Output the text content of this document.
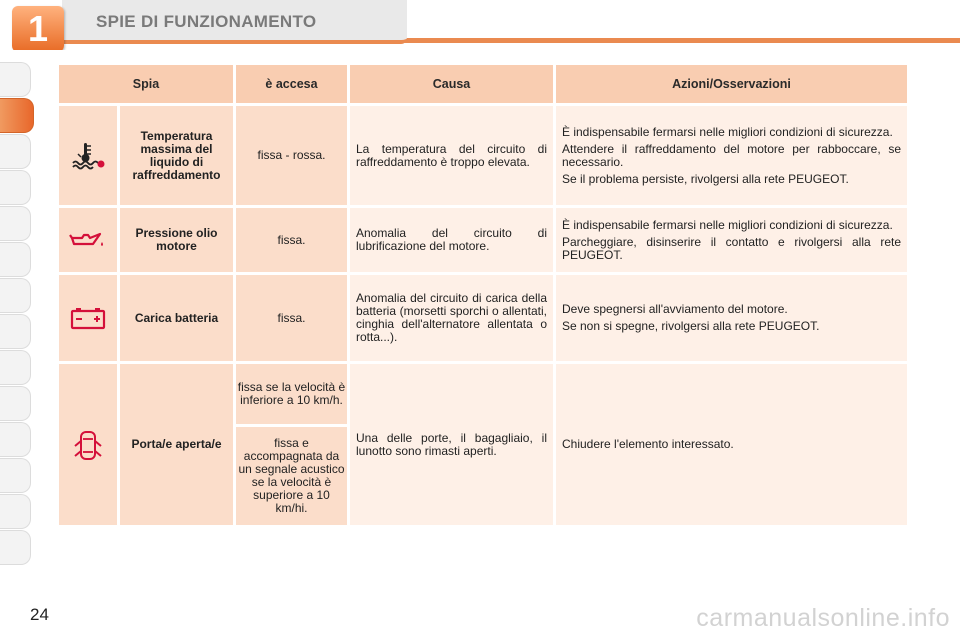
1	SPIE DI FUNZIONAMENTO
Spia		è accesa	Causa	Azioni/Osservazioni
	Temperatura massima del liquido di raffreddamento	fissa - rossa.	La temperatura del circuito di raffreddamento è troppo elevata.	È indispensabile fermarsi nelle migliori condizioni di sicurezza.

Attendere il raffreddamento del motore per rabboccare, se necessario.

Se il problema persiste, rivolgersi alla rete PEUGEOT.

	Pressione olio motore	fissa.	Anomalia del circuito di lubrificazione del motore.	È indispensabile fermarsi nelle migliori condizioni di sicurezza.

Parcheggiare, disinserire il contatto e rivolgersi alla rete PEUGEOT.

	Carica batteria	fissa.	Anomalia del circuito di carica della batteria (morsetti sporchi o allentati, cinghia dell'alternatore allentata o rotta...).	Deve spegnersi all'avviamento del motore.

Se non si spegne, rivolgersi alla rete PEUGEOT.

	Porta/e aperta/e	fissa se la velocità è inferiore a 10 km/h.	Una delle porte, il bagagliaio, il lunotto sono rimasti aperti.	Chiudere l'elemento interessato.

		fissa e accompagnata da un segnale acustico se la velocità è superiore a 10 km/hi.		
24	carmanualsonline.info
